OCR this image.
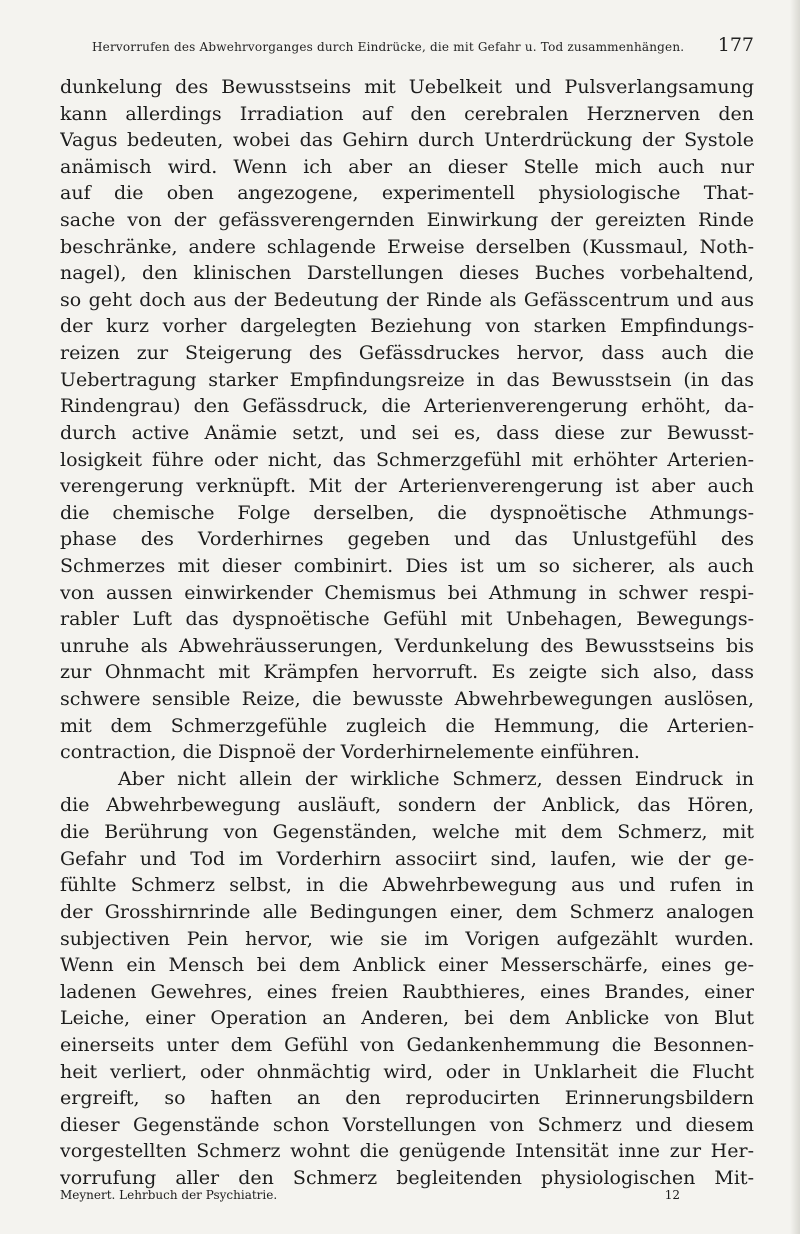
Hervorrufen des Abwehrvorganges durch Eindrücke, die mit Gefahr u. Tod zusammenhängen. 177
dunkelung des Bewusstseins mit Uebelkeit und Pulsverlangsamung
kann allerdings Irradiation auf den cerebralen Herznerven den
Vagus bedeuten, wobei das Gehirn durch Unterdrückung der Systole
anämisch wird. Wenn ich aber an dieser Stelle mich auch nur
auf die oben angezogene, experimentell physiologische That-
sache von der gefässverengernden Einwirkung der gereizten Rinde
beschränke, andere schlagende Erweise derselben (Kussmaul, Noth-
nagel), den klinischen Darstellungen dieses Buches vorbehaltend,
so geht doch aus der Bedeutung der Rinde als Gefässcentrum und aus
der kurz vorher dargelegten Beziehung von starken Empfindungs-
reizen zur Steigerung des Gefässdruckes hervor, dass auch die
Uebertragung starker Empfindungsreize in das Bewusstsein (in das
Rindengrau) den Gefässdruck, die Arterienverengerung erhöht, da-
durch active Anämie setzt, und sei es, dass diese zur Bewusst-
losigkeit führe oder nicht, das Schmerzgefühl mit erhöhter Arterien-
verengerung verknüpft. Mit der Arterienverengerung ist aber auch
die chemische Folge derselben, die dyspnoëtische Athmungs-
phase des Vorderhirnes gegeben und das Unlustgefühl des
Schmerzes mit dieser combinirt. Dies ist um so sicherer, als auch
von aussen einwirkender Chemismus bei Athmung in schwer respi-
rabler Luft das dyspnoëtische Gefühl mit Unbehagen, Bewegungs-
unruhe als Abwehräusserungen, Verdunkelung des Bewusstseins bis
zur Ohnmacht mit Krämpfen hervorruft. Es zeigte sich also, dass
schwere sensible Reize, die bewusste Abwehrbewegungen auslösen,
mit dem Schmerzgefühle zugleich die Hemmung, die Arterien-
contraction, die Dispnoë der Vorderhirnelemente einführen.
Aber nicht allein der wirkliche Schmerz, dessen Eindruck in
die Abwehrbewegung ausläuft, sondern der Anblick, das Hören,
die Berührung von Gegenständen, welche mit dem Schmerz, mit
Gefahr und Tod im Vorderhirn associirt sind, laufen, wie der ge-
fühlte Schmerz selbst, in die Abwehrbewegung aus und rufen in
der Grosshirnrinde alle Bedingungen einer, dem Schmerz analogen
subjectiven Pein hervor, wie sie im Vorigen aufgezählt wurden.
Wenn ein Mensch bei dem Anblick einer Messerschärfe, eines ge-
ladenen Gewehres, eines freien Raubthieres, eines Brandes, einer
Leiche, einer Operation an Anderen, bei dem Anblicke von Blut
einerseits unter dem Gefühl von Gedankenhemmung die Besonnen-
heit verliert, oder ohnmächtig wird, oder in Unklarheit die Flucht
ergreift, so haften an den reproducirten Erinnerungsbildern
dieser Gegenstände schon Vorstellungen von Schmerz und diesem
vorgestellten Schmerz wohnt die genügende Intensität inne zur Her-
vorrufung aller den Schmerz begleitenden physiologischen Mit-
Meynert. Lehrbuch der Psychiatrie.	12
